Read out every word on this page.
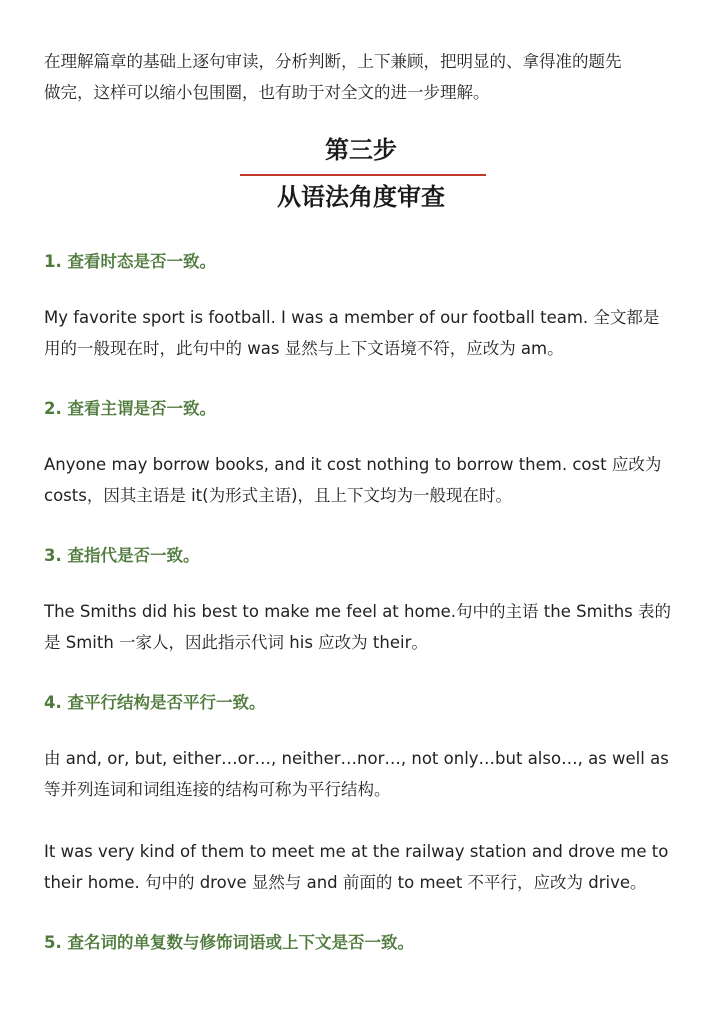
在理解篇章的基础上逐句审读，分析判断，上下兼顾，把明显的、拿得准的题先
做完，这样可以缩小包围圈，也有助于对全文的进一步理解。

第三步
从语法角度审查
1. 查看时态是否一致。

My favorite sport is football. I was a member of our football team. 全文都是
用的一般现在时，此句中的 was 显然与上下文语境不符，应改为 am。

2. 查看主谓是否一致。

Anyone may borrow books, and it cost nothing to borrow them. cost 应改为
costs，因其主语是 it(为形式主语)，且上下文均为一般现在时。

3. 查指代是否一致。

The Smiths did his best to make me feel at home.句中的主语 the Smiths 表的
是 Smith 一家人，因此指示代词 his 应改为 their。

4. 查平行结构是否平行一致。

由 and, or, but, either…or…, neither…nor…, not only…but also…, as well as
等并列连词和词组连接的结构可称为平行结构。

It was very kind of them to meet me at the railway station and drove me to
their home. 句中的 drove 显然与 and 前面的 to meet 不平行，应改为 drive。

5. 查名词的单复数与修饰词语或上下文是否一致。
